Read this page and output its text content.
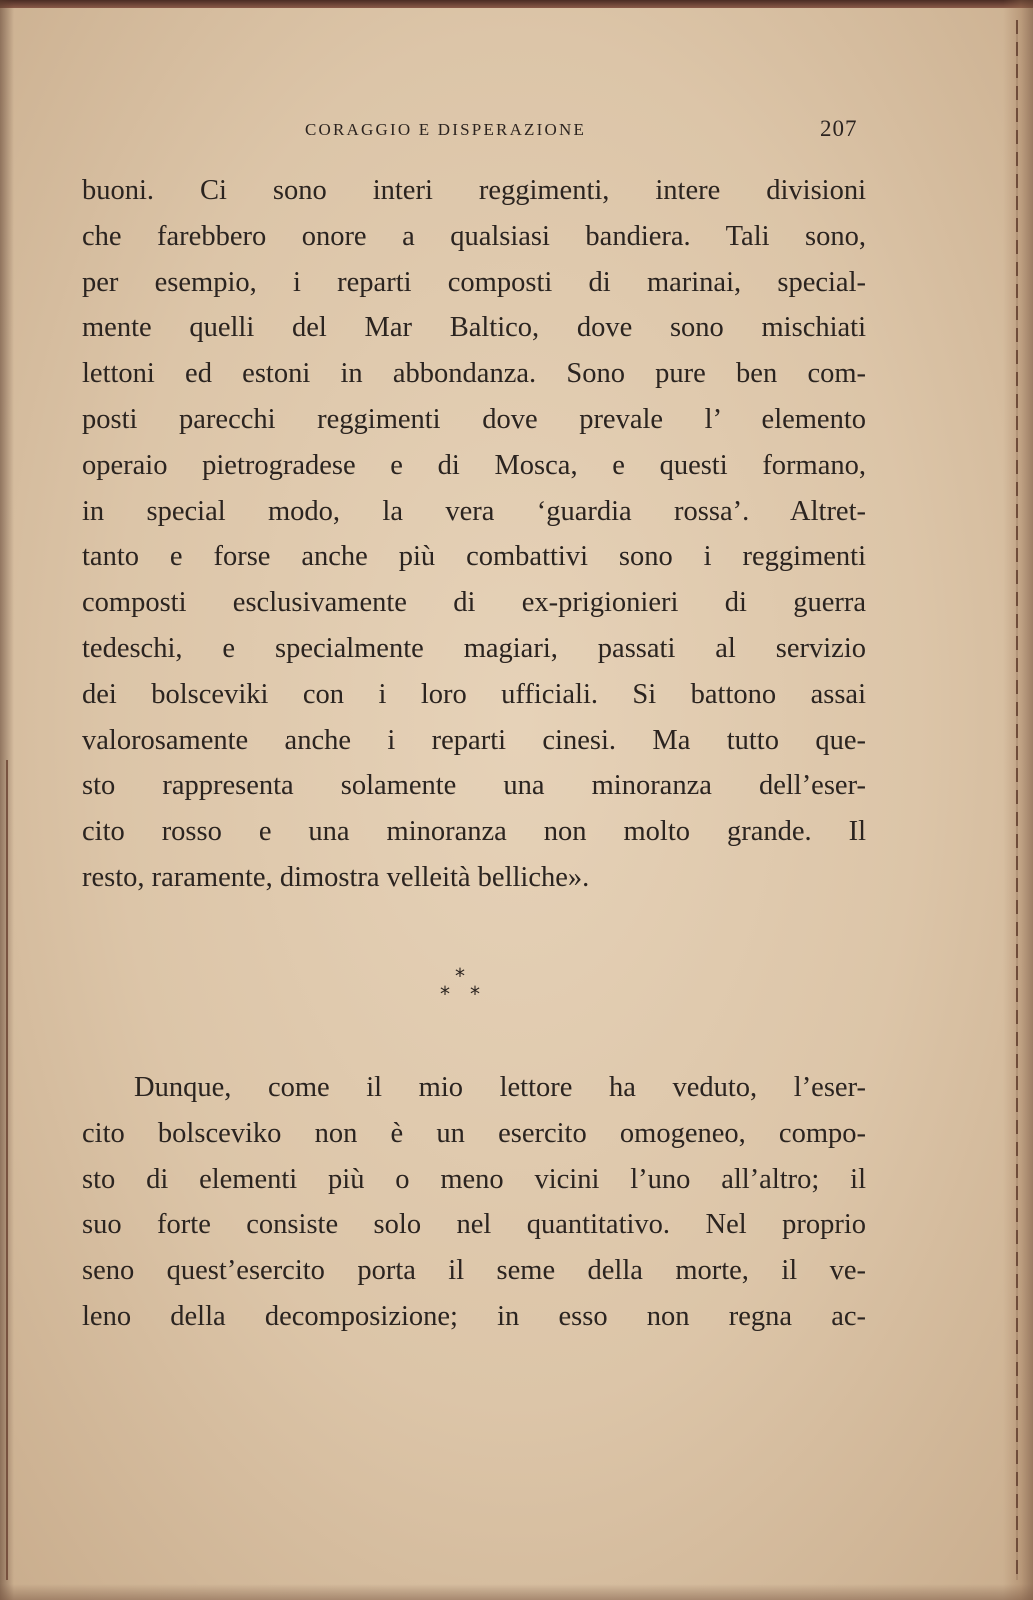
CORAGGIO E DISPERAZIONE	207
buoni. Ci sono interi reggimenti, intere divisioni
che farebbero onore a qualsiasi bandiera. Tali sono,
per esempio, i reparti composti di marinai, special-
mente quelli del Mar Baltico, dove sono mischiati
lettoni ed estoni in abbondanza. Sono pure ben com-
posti parecchi reggimenti dove prevale l’ elemento
operaio pietrogradese e di Mosca, e questi formano,
in special modo, la vera ‘guardia rossa’. Altret-
tanto e forse anche più combattivi sono i reggimenti
composti esclusivamente di ex-prigionieri di guerra
tedeschi, e specialmente magiari, passati al servizio
dei bolsceviki con i loro ufficiali. Si battono assai
valorosamente anche i reparti cinesi. Ma tutto que-
sto rappresenta solamente una minoranza dell’eser-
cito rosso e una minoranza non molto grande. Il
resto, raramente, dimostra velleità belliche».
*
* *
Dunque, come il mio lettore ha veduto, l’eser-
cito bolsceviko non è un esercito omogeneo, compo-
sto di elementi più o meno vicini l’uno all’altro; il
suo forte consiste solo nel quantitativo. Nel proprio
seno quest’esercito porta il seme della morte, il ve-
leno della decomposizione; in esso non regna ac-
